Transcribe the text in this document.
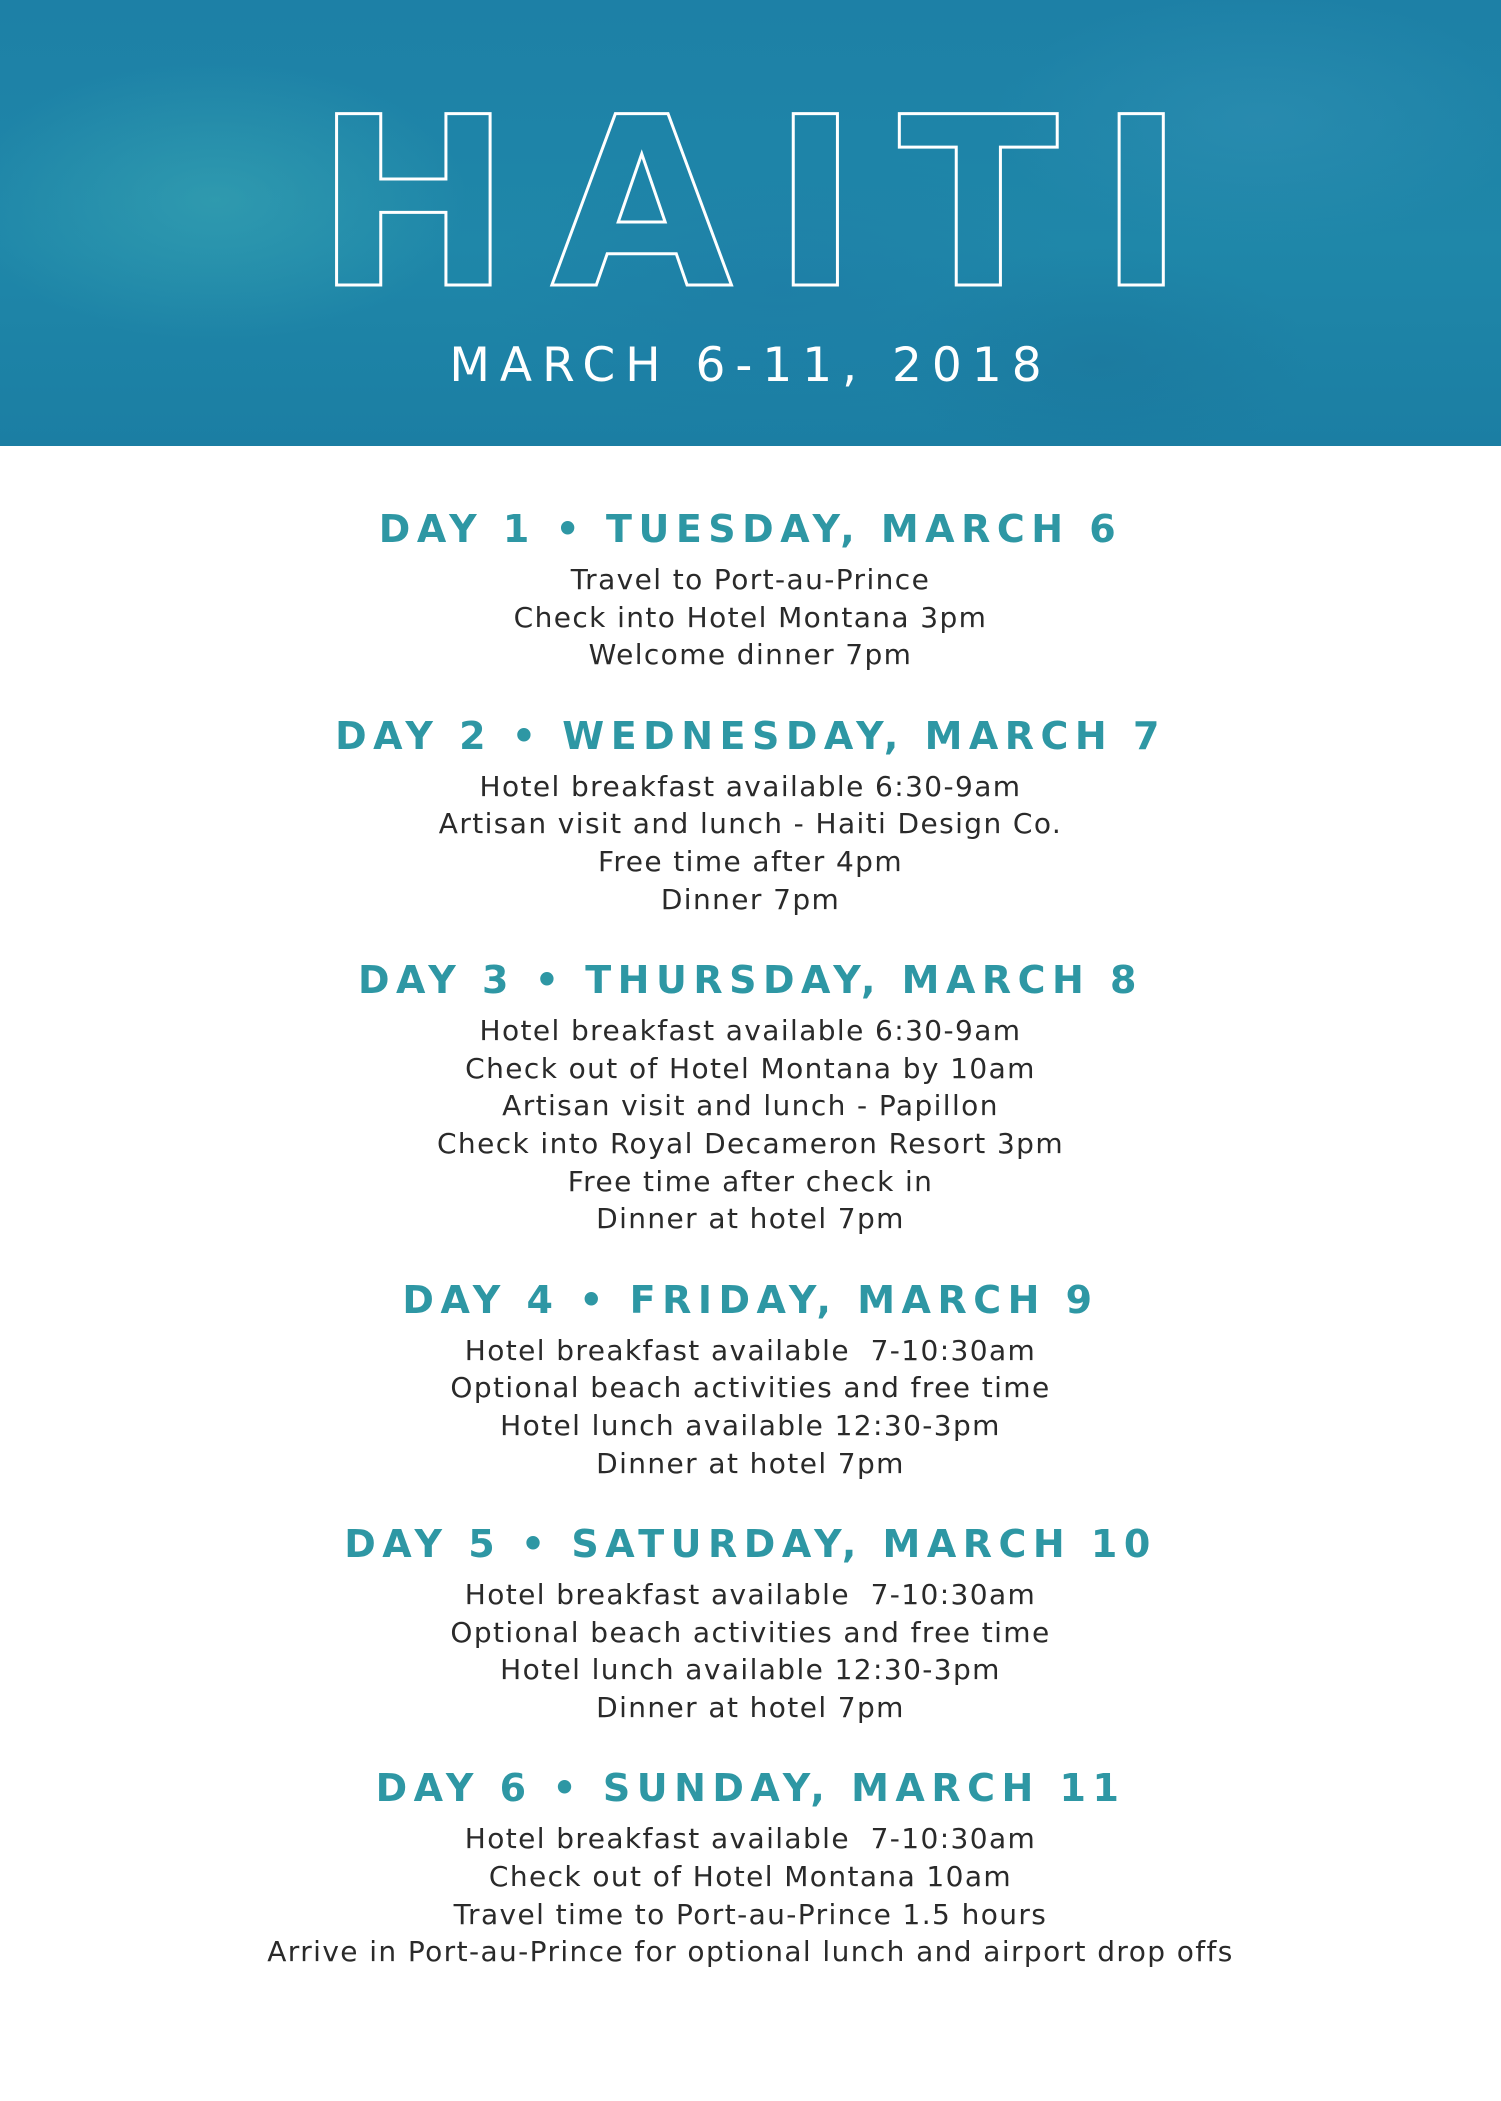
HAITI
MARCH 6-11, 2018
DAY 1 • TUESDAY, MARCH 6
Travel to Port-au-Prince
Check into Hotel Montana 3pm
Welcome dinner 7pm
DAY 2 • WEDNESDAY, MARCH 7
Hotel breakfast available 6:30-9am
Artisan visit and lunch - Haiti Design Co.
Free time after 4pm
Dinner 7pm
DAY 3 • THURSDAY, MARCH 8
Hotel breakfast available 6:30-9am
Check out of Hotel Montana by 10am
Artisan visit and lunch - Papillon
Check into Royal Decameron Resort 3pm
Free time after check in
Dinner at hotel 7pm
DAY 4 • FRIDAY, MARCH 9
Hotel breakfast available  7-10:30am
Optional beach activities and free time
Hotel lunch available 12:30-3pm
Dinner at hotel 7pm
DAY 5 • SATURDAY, MARCH 10
Hotel breakfast available  7-10:30am
Optional beach activities and free time
Hotel lunch available 12:30-3pm
Dinner at hotel 7pm
DAY 6 • SUNDAY, MARCH 11
Hotel breakfast available  7-10:30am
Check out of Hotel Montana 10am
Travel time to Port-au-Prince 1.5 hours
Arrive in Port-au-Prince for optional lunch and airport drop offs
